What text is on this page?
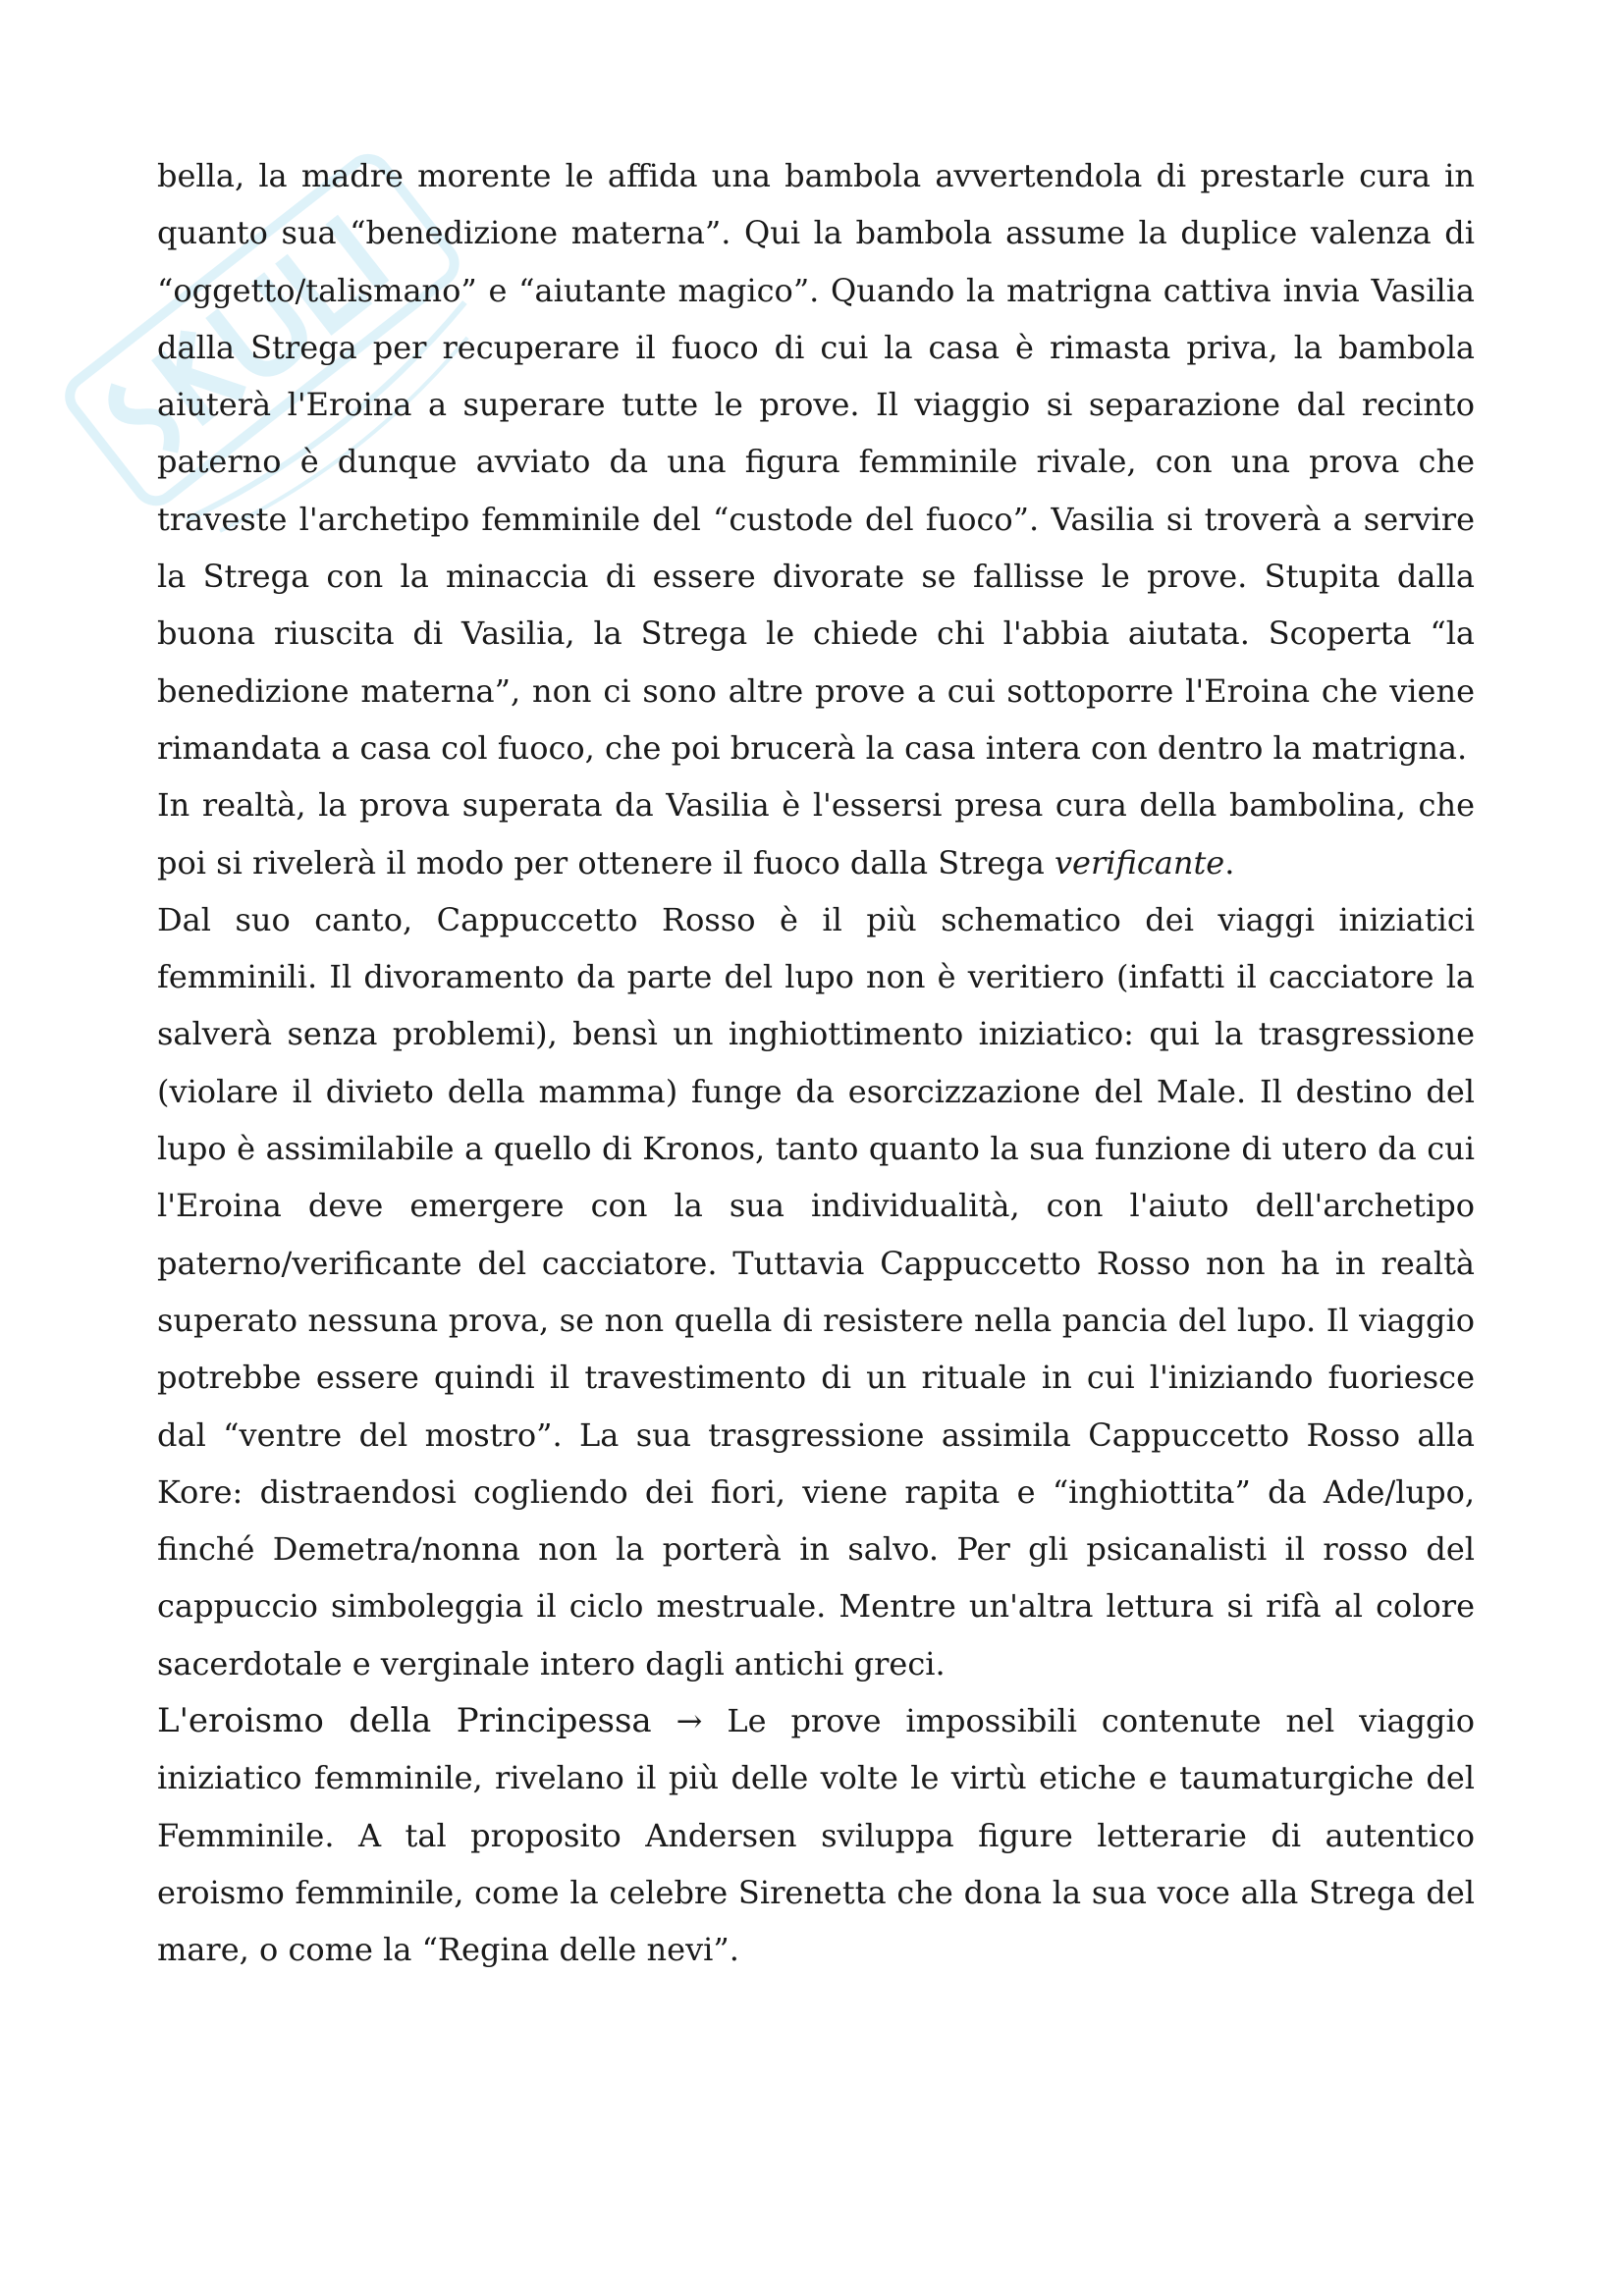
bella, la madre morente le affida una bambola avvertendola di prestarle cura in quanto sua “benedizione materna”. Qui la bambola assume la duplice valenza di “oggetto/talismano” e “aiutante magico”. Quando la matrigna cattiva invia Vasilia dalla Strega per recuperare il fuoco di cui la casa è rimasta priva, la bambola aiuterà l'Eroina a superare tutte le prove. Il viaggio si separazione dal recinto paterno è dunque avviato da una figura femminile rivale, con una prova che traveste l'archetipo femminile del “custode del fuoco”. Vasilia si troverà a servire la Strega con la minaccia di essere divorate se fallisse le prove. Stupita dalla buona riuscita di Vasilia, la Strega le chiede chi l'abbia aiutata. Scoperta “la benedizione materna”, non ci sono altre prove a cui sottoporre l'Eroina che viene rimandata a casa col fuoco, che poi brucerà la casa intera con dentro la matrigna.

In realtà, la prova superata da Vasilia è l'essersi presa cura della bambolina, che poi si rivelerà il modo per ottenere il fuoco dalla Strega verificante.

Dal suo canto, Cappuccetto Rosso è il più schematico dei viaggi iniziatici femminili. Il divoramento da parte del lupo non è veritiero (infatti il cacciatore la salverà senza problemi), bensì un inghiottimento iniziatico: qui la trasgressione (violare il divieto della mamma) funge da esorcizzazione del Male. Il destino del lupo è assimilabile a quello di Kronos, tanto quanto la sua funzione di utero da cui l'Eroina deve emergere con la sua individualità, con l'aiuto dell'archetipo paterno/verificante del cacciatore. Tuttavia Cappuccetto Rosso non ha in realtà superato nessuna prova, se non quella di resistere nella pancia del lupo. Il viaggio potrebbe essere quindi il travestimento di un rituale in cui l'iniziando fuoriesce dal “ventre del mostro”. La sua trasgressione assimila Cappuccetto Rosso alla Kore: distraendosi cogliendo dei fiori, viene rapita e “inghiottita” da Ade/lupo, finché Demetra/nonna non la porterà in salvo. Per gli psicanalisti il rosso del cappuccio simboleggia il ciclo mestruale. Mentre un'altra lettura si rifà al colore sacerdotale e verginale intero dagli antichi greci.

L'eroismo della Principessa → Le prove impossibili contenute nel viaggio iniziatico femminile, rivelano il più delle volte le virtù etiche e taumaturgiche del Femminile. A tal proposito Andersen sviluppa figure letterarie di autentico eroismo femminile, come la celebre Sirenetta che dona la sua voce alla Strega del mare, o come la “Regina delle nevi”.
